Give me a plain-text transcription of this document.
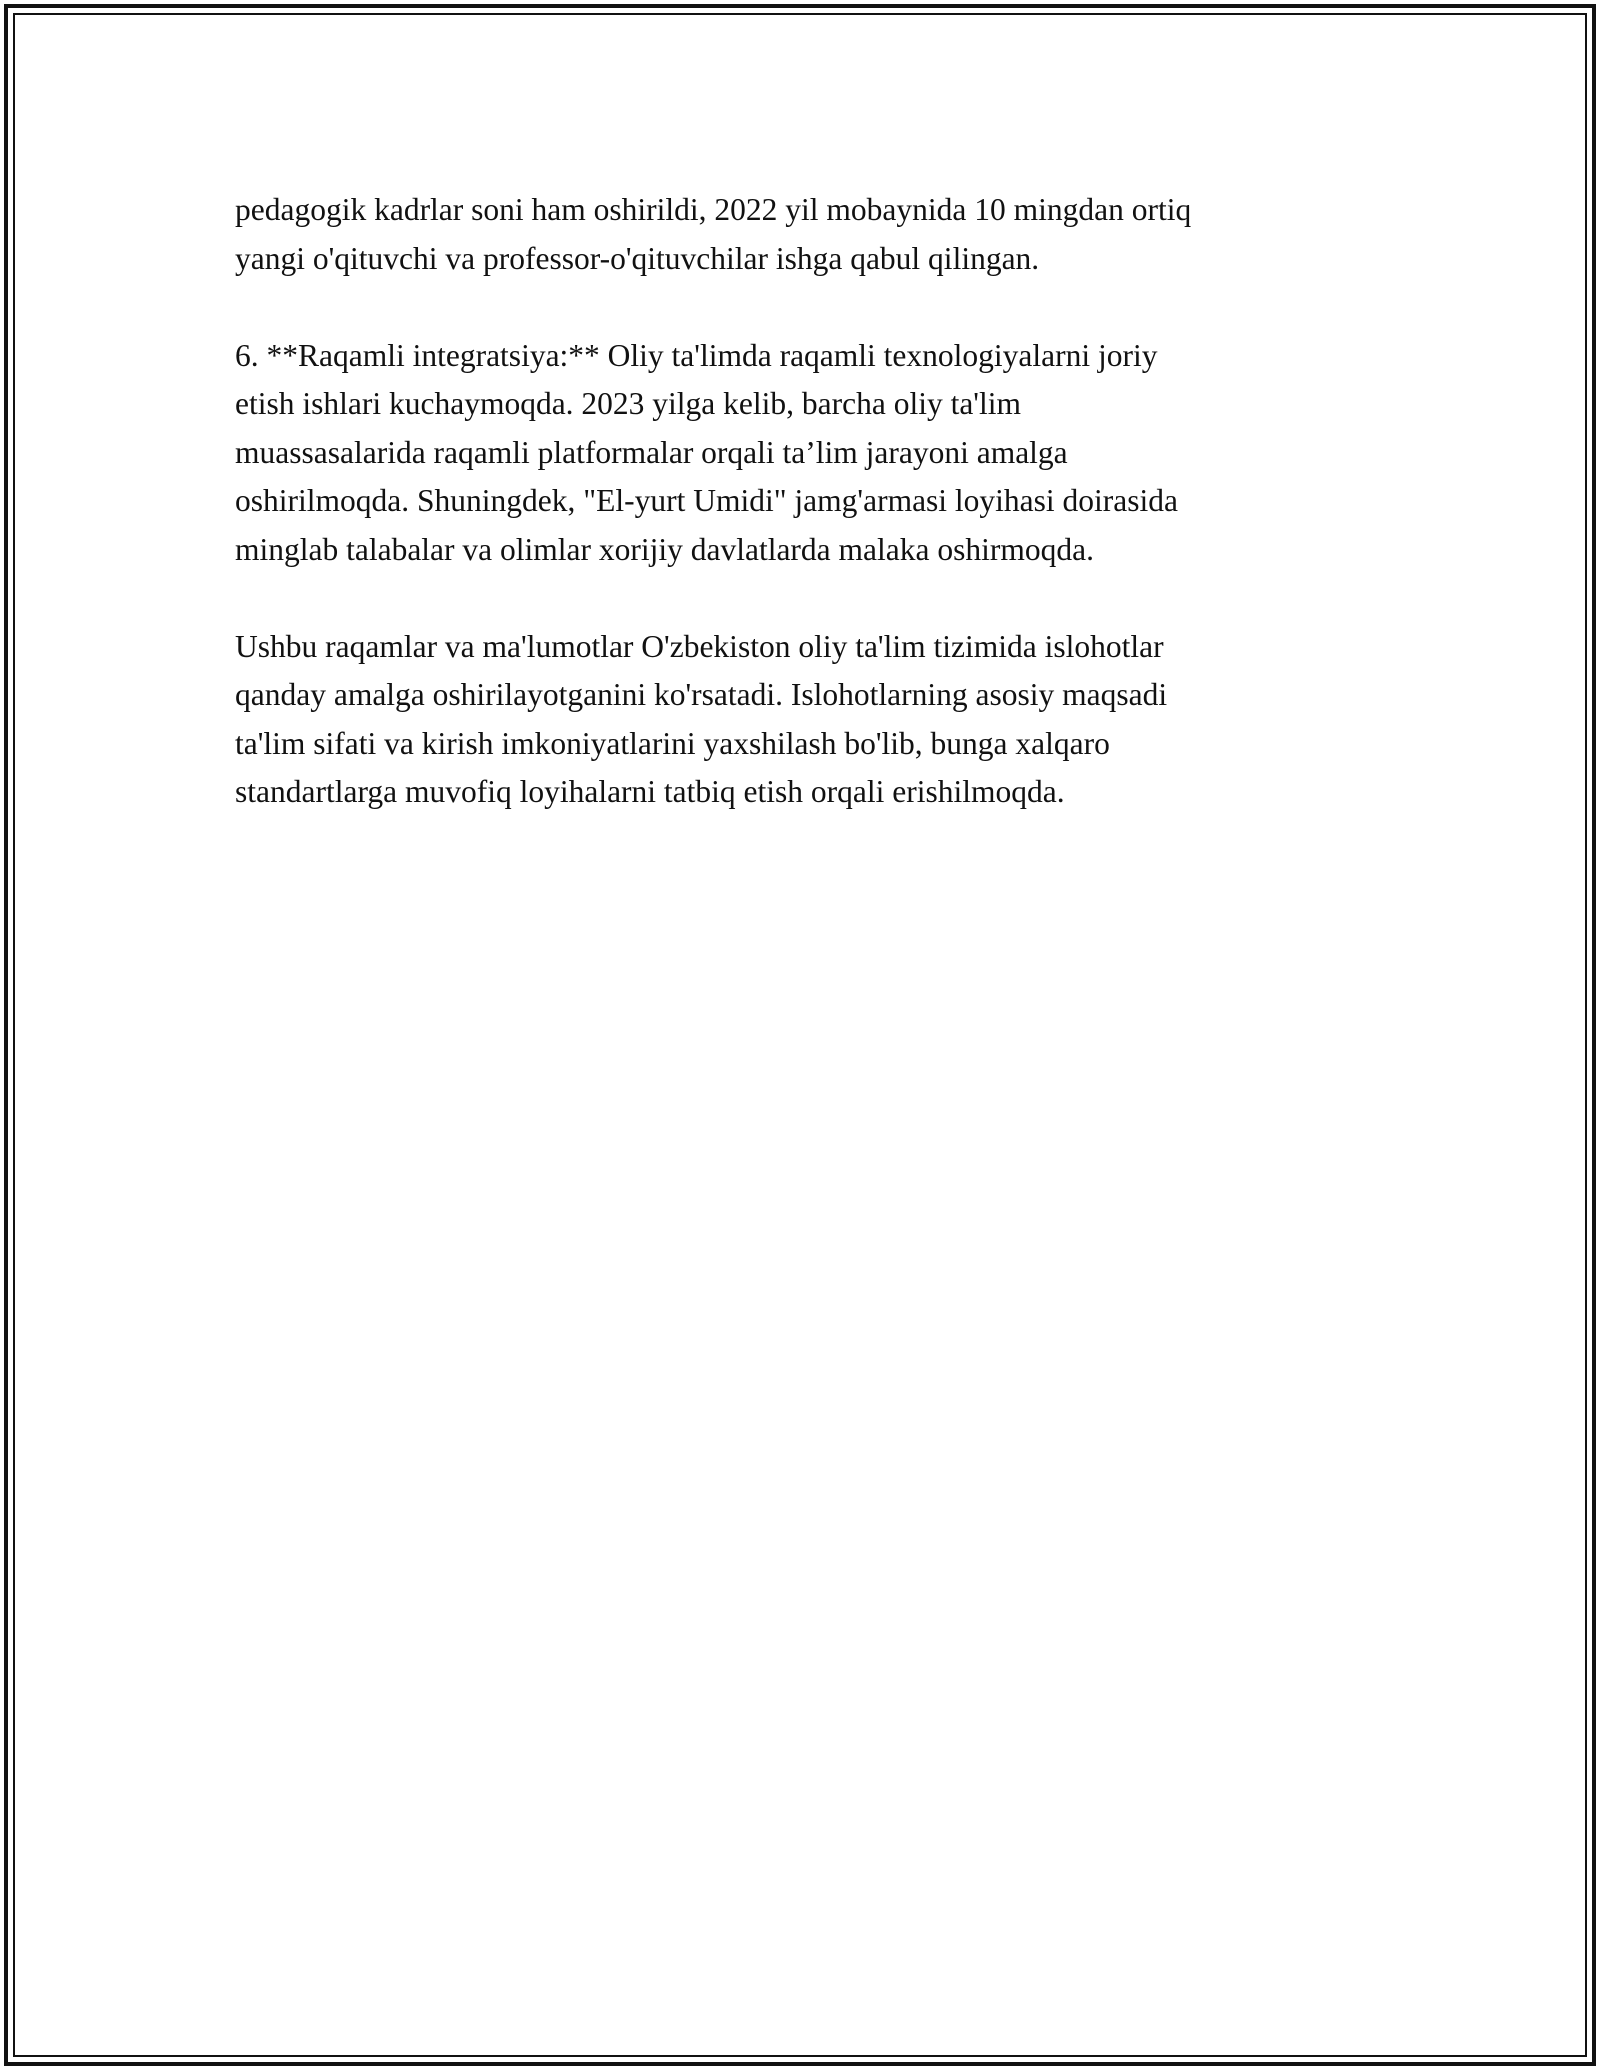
pedagogik kadrlar soni ham oshirildi, 2022 yil mobaynida 10 mingdan ortiq
yangi o'qituvchi va professor-o'qituvchilar ishga qabul qilingan.

6. **Raqamli integratsiya:** Oliy ta'limda raqamli texnologiyalarni joriy
etish ishlari kuchaymoqda. 2023 yilga kelib, barcha oliy ta'lim
muassasalarida raqamli platformalar orqali ta’lim jarayoni amalga
oshirilmoqda. Shuningdek, "El-yurt Umidi" jamg'armasi loyihasi doirasida
minglab talabalar va olimlar xorijiy davlatlarda malaka oshirmoqda.

Ushbu raqamlar va ma'lumotlar O'zbekiston oliy ta'lim tizimida islohotlar
qanday amalga oshirilayotganini ko'rsatadi. Islohotlarning asosiy maqsadi
ta'lim sifati va kirish imkoniyatlarini yaxshilash bo'lib, bunga xalqaro
standartlarga muvofiq loyihalarni tatbiq etish orqali erishilmoqda.
